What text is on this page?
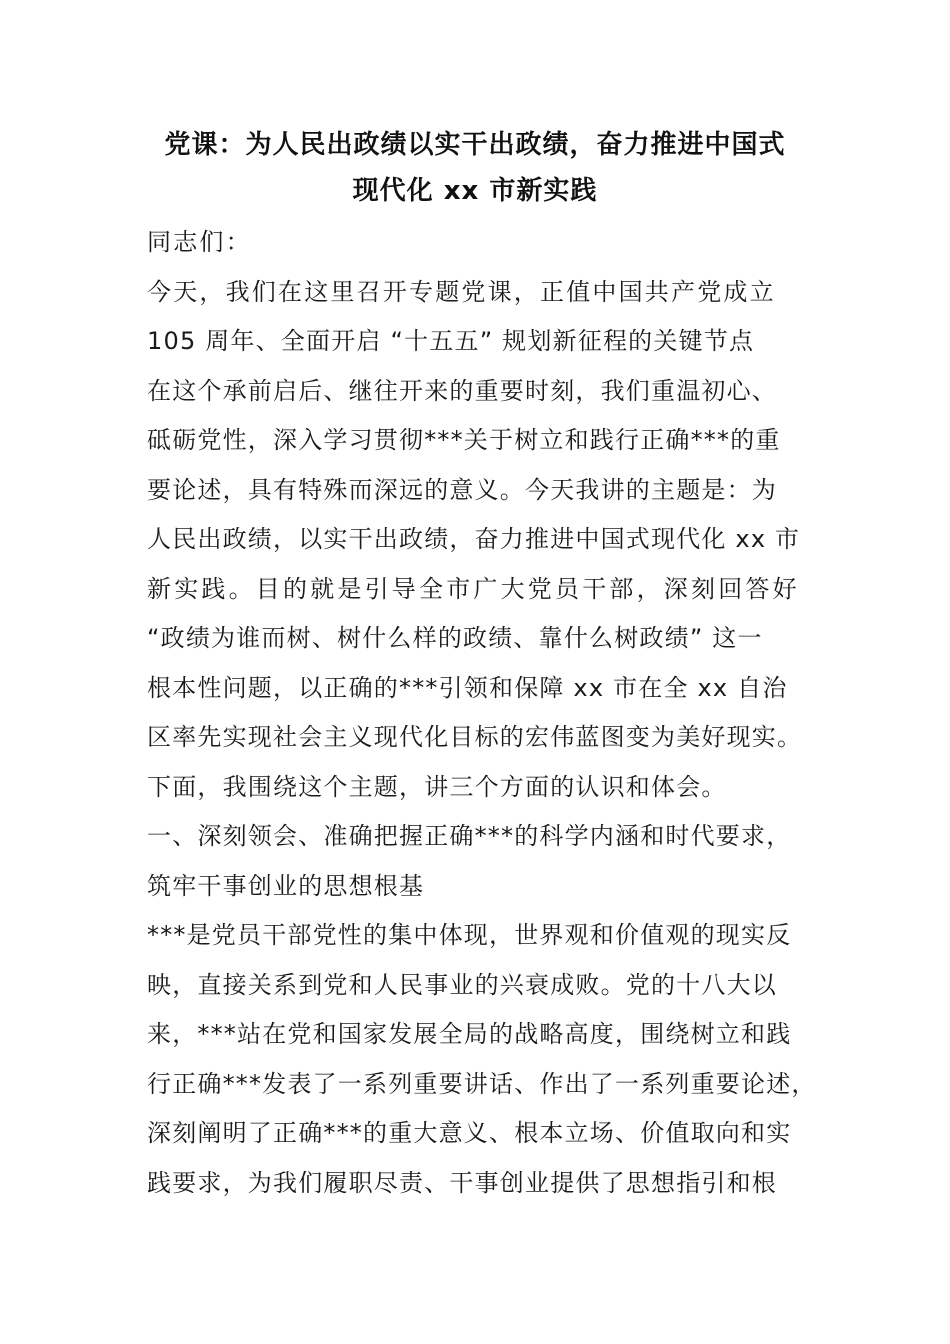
党课：为人民出政绩以实干出政绩，奋力推进中国式
现代化 xx 市新实践
同志们：
今天，我们在这里召开专题党课，正值中国共产党成立
105 周年、全面开启 “十五五” 规划新征程的关键节点
在这个承前启后、继往开来的重要时刻，我们重温初心、
砥砺党性，深入学习贯彻***关于树立和践行正确***的重
要论述，具有特殊而深远的意义。今天我讲的主题是：为
人民出政绩，以实干出政绩，奋力推进中国式现代化 xx 市
新实践。目的就是引导全市广大党员干部，深刻回答好
“政绩为谁而树、树什么样的政绩、靠什么树政绩” 这一
根本性问题，以正确的***引领和保障 xx 市在全 xx 自治
区率先实现社会主义现代化目标的宏伟蓝图变为美好现实。
下面，我围绕这个主题，讲三个方面的认识和体会。
一、深刻领会、准确把握正确***的科学内涵和时代要求，
筑牢干事创业的思想根基
***是党员干部党性的集中体现，世界观和价值观的现实反
映，直接关系到党和人民事业的兴衰成败。党的十八大以
来，***站在党和国家发展全局的战略高度，围绕树立和践
行正确***发表了一系列重要讲话、作出了一系列重要论述，
深刻阐明了正确***的重大意义、根本立场、价值取向和实
践要求，为我们履职尽责、干事创业提供了思想指引和根
